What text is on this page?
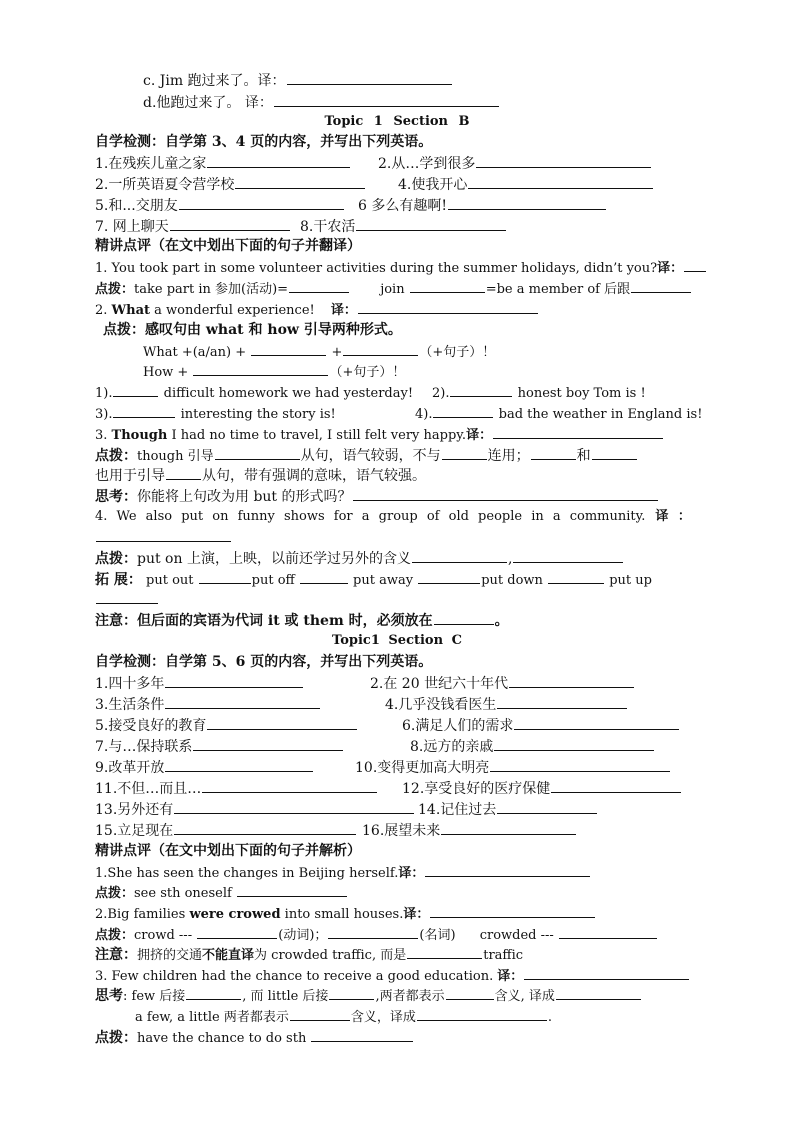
c. Jim 跑过来了。译：
d.他跑过来了。 译：
Topic 1 Section B
自学检测：自学第 3、4 页的内容，并写出下列英语。
1.在残疾儿童之家	2.从…学到很多
2.一所英语夏令营学校	4.使我开心
5.和...交朋友	6 多么有趣啊!
7. 网上聊天	8.干农活
精讲点评（在文中划出下面的句子并翻译）
1. You took part in some volunteer activities during the summer holidays, didn’t you?译：
点拨：take part in 参加(活动)=	join	=be a member of 后跟
2. What a wonderful experience! 译：
点拨：感叹句由 what 和 how 引导两种形式。
What +(a/an) +	+	（+句子）！
How +	（+句子）！
1).	difficult homework we had yesterday! 2).	honest boy Tom is !
3).	interesting the story is!	4).	bad the weather in England is!
3. Though I had no time to travel, I still felt very happy.译：
点拨：though 引导	从句，语气较弱，不与	连用；	和
也用于引导	从句，带有强调的意味，语气较强。
思考：你能将上句改为用 but 的形式吗？
4. We also put on funny shows for a group of old people in a community. 译 ：
点拨：put on 上演，上映，以前还学过另外的含义	,
拓 展： put out	put off	put away	put down	put up
注意：但后面的宾语为代词 it 或 them 时，必须放在	。
Topic1 Section C
自学检测：自学第 5、6 页的内容，并写出下列英语。
1.四十多年	2.在 20 世纪六十年代
3.生活条件	4.几乎没钱看医生
5.接受良好的教育	6.满足人们的需求
7.与…保持联系	8.远方的亲戚
9.改革开放	10.变得更加高大明亮
11.不但…而且…	12.享受良好的医疗保健
13.另外还有	14.记住过去
15.立足现在	16.展望未来
精讲点评（在文中划出下面的句子并解析）
1.She has seen the changes in Beijing herself.译：
点拨：see sth oneself
2.Big families were crowed into small houses.译：
点拨：crowd ---	(动词)；	(名词) crowded ---
注意：拥挤的交通不能直译为 crowded traffic, 而是	traffic
3. Few children had the chance to receive a good education. 译：
思考: few 后接	, 而 little 后接	,两者都表示	含义, 译成
a few, a little 两者都表示	含义，译成	.
点拨：have the chance to do sth
